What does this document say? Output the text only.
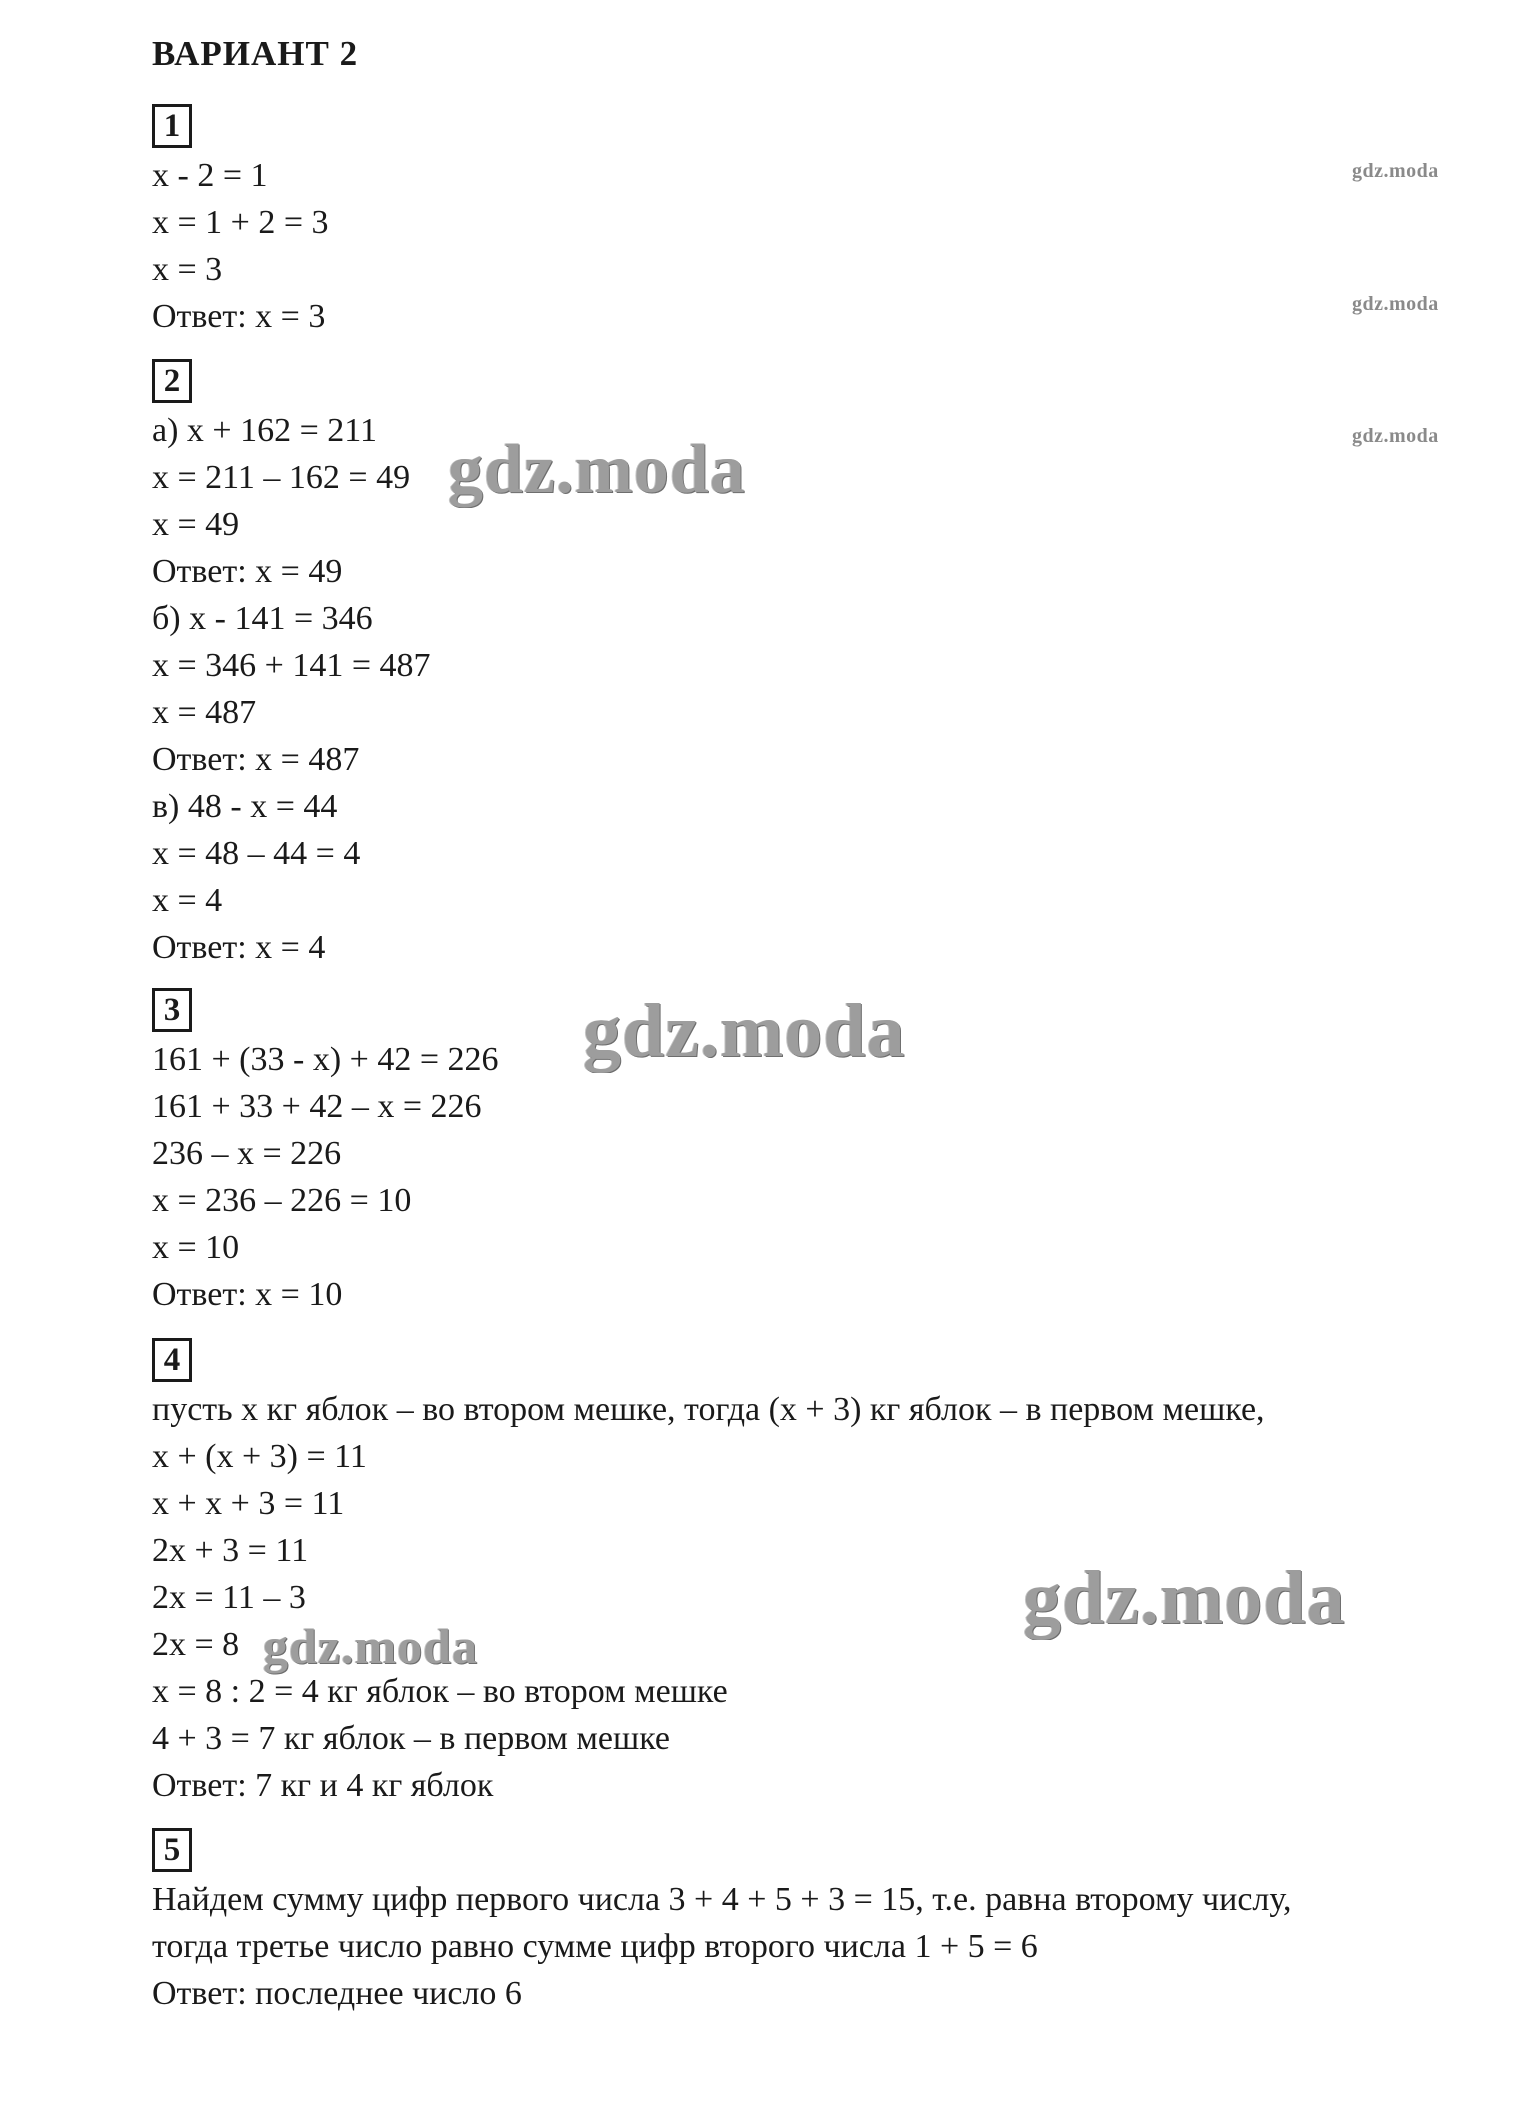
ВАРИАНТ 2
1
x - 2 = 1
x = 1 + 2 = 3
x = 3
Ответ: x = 3
2
а) x + 162 = 211
x = 211 – 162 = 49
x = 49
Ответ: x = 49
б) x - 141 = 346
x = 346 + 141 = 487
x = 487
Ответ: x = 487
в) 48 - x = 44
x = 48 – 44 = 4
x = 4
Ответ: x = 4
3
161 + (33 - x) + 42 = 226
161 + 33 + 42 – x = 226
236 – x = 226
x = 236 – 226 = 10
x = 10
Ответ: x = 10
4
пусть x кг яблок – во втором мешке, тогда (x + 3) кг яблок – в первом мешке,
x + (x + 3) = 11
x + x + 3 = 11
2x + 3 = 11
2x = 11 – 3
2x = 8
x = 8 : 2 = 4 кг яблок – во втором мешке
4 + 3 = 7 кг яблок – в первом мешке
Ответ: 7 кг и 4 кг яблок
5
Найдем сумму цифр первого числа 3 + 4 + 5 + 3 = 15, т.е. равна второму числу,
тогда третье число равно сумме цифр второго числа 1 + 5 = 6
Ответ: последнее число 6
gdz.moda
gdz.moda
gdz.moda
gdz.moda
gdz.moda
gdz.moda
gdz.moda
